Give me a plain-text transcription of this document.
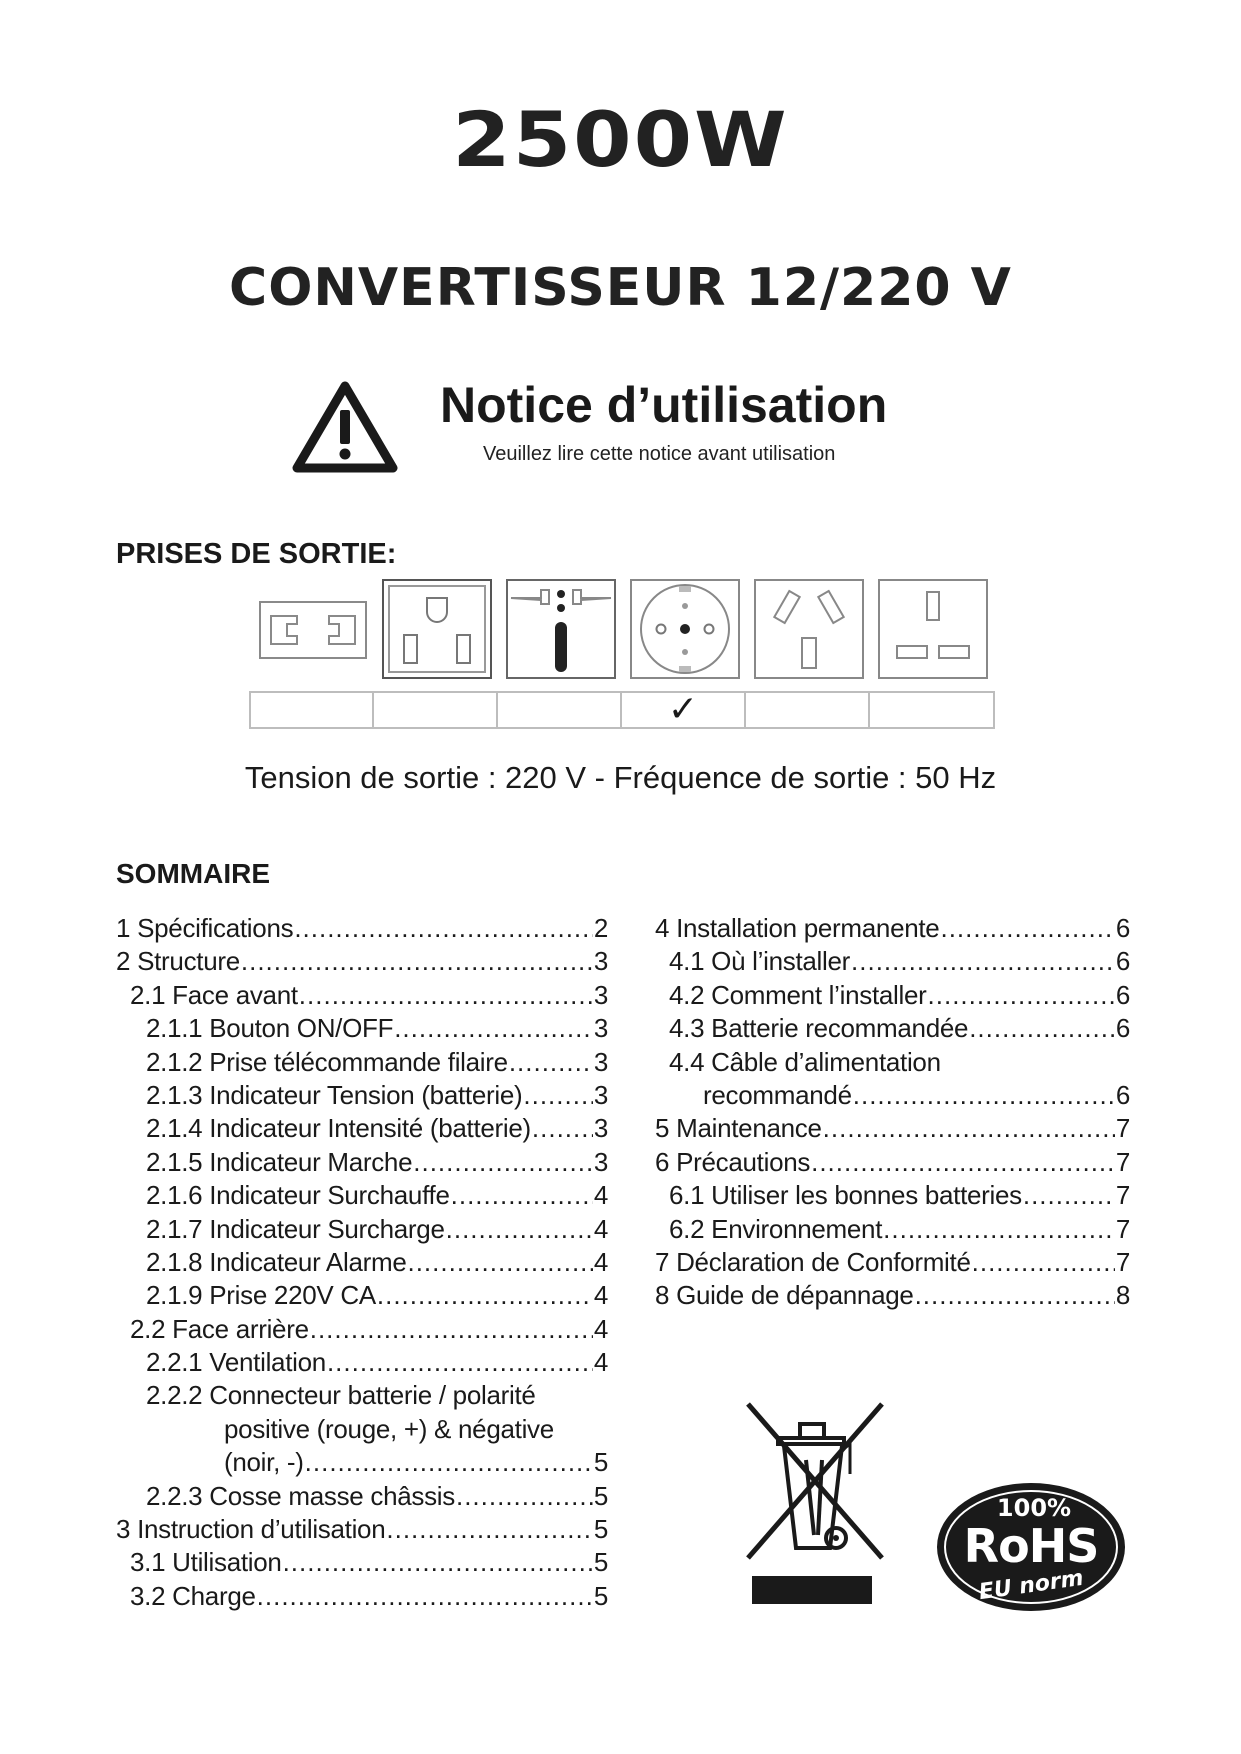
2500W
CONVERTISSEUR 12/220 V
Notice d’utilisation
Veuillez lire cette notice avant utilisation
PRISES DE SORTIE:
✓
Tension de sortie : 220 V - Fréquence de sortie : 50 Hz
SOMMAIRE
1 Spécifications .....	2
2 Structure .....	3
2.1 Face avant .....	3
2.1.1 Bouton ON/OFF .....	3
2.1.2 Prise télécommande filaire .....	3
2.1.3 Indicateur Tension (batterie) .....	3
2.1.4 Indicateur Intensité (batterie) ..... 3
2.1.5 Indicateur Marche .....	3
2.1.6 Indicateur Surchauffe .....	4
2.1.7 Indicateur Surcharge .....	4
2.1.8 Indicateur Alarme .....	4
2.1.9 Prise 220V CA .....	4
2.2 Face arrière .....	4
2.2.1 Ventilation .....	4
2.2.2 Connecteur batterie / polarité
positive (rouge, +) & négative
(noir, -) .....	5
2.2.3 Cosse masse châssis .....	5
3 Instruction d’utilisation .....	5
3.1 Utilisation .....	5
3.2 Charge .....	5
4 Installation permanente .....	6
4.1 Où l’installer .....	6
4.2 Comment l’installer .....	6
4.3 Batterie recommandée .....	6
4.4 Câble d’alimentation
recommandé .....	6
5 Maintenance .....	7
6 Précautions .....	7
6.1 Utiliser les bonnes batteries .....	7
6.2 Environnement .....	7
7 Déclaration de Conformité .....	7
8 Guide de dépannage .....	8
100%
RoHS
EU norm
